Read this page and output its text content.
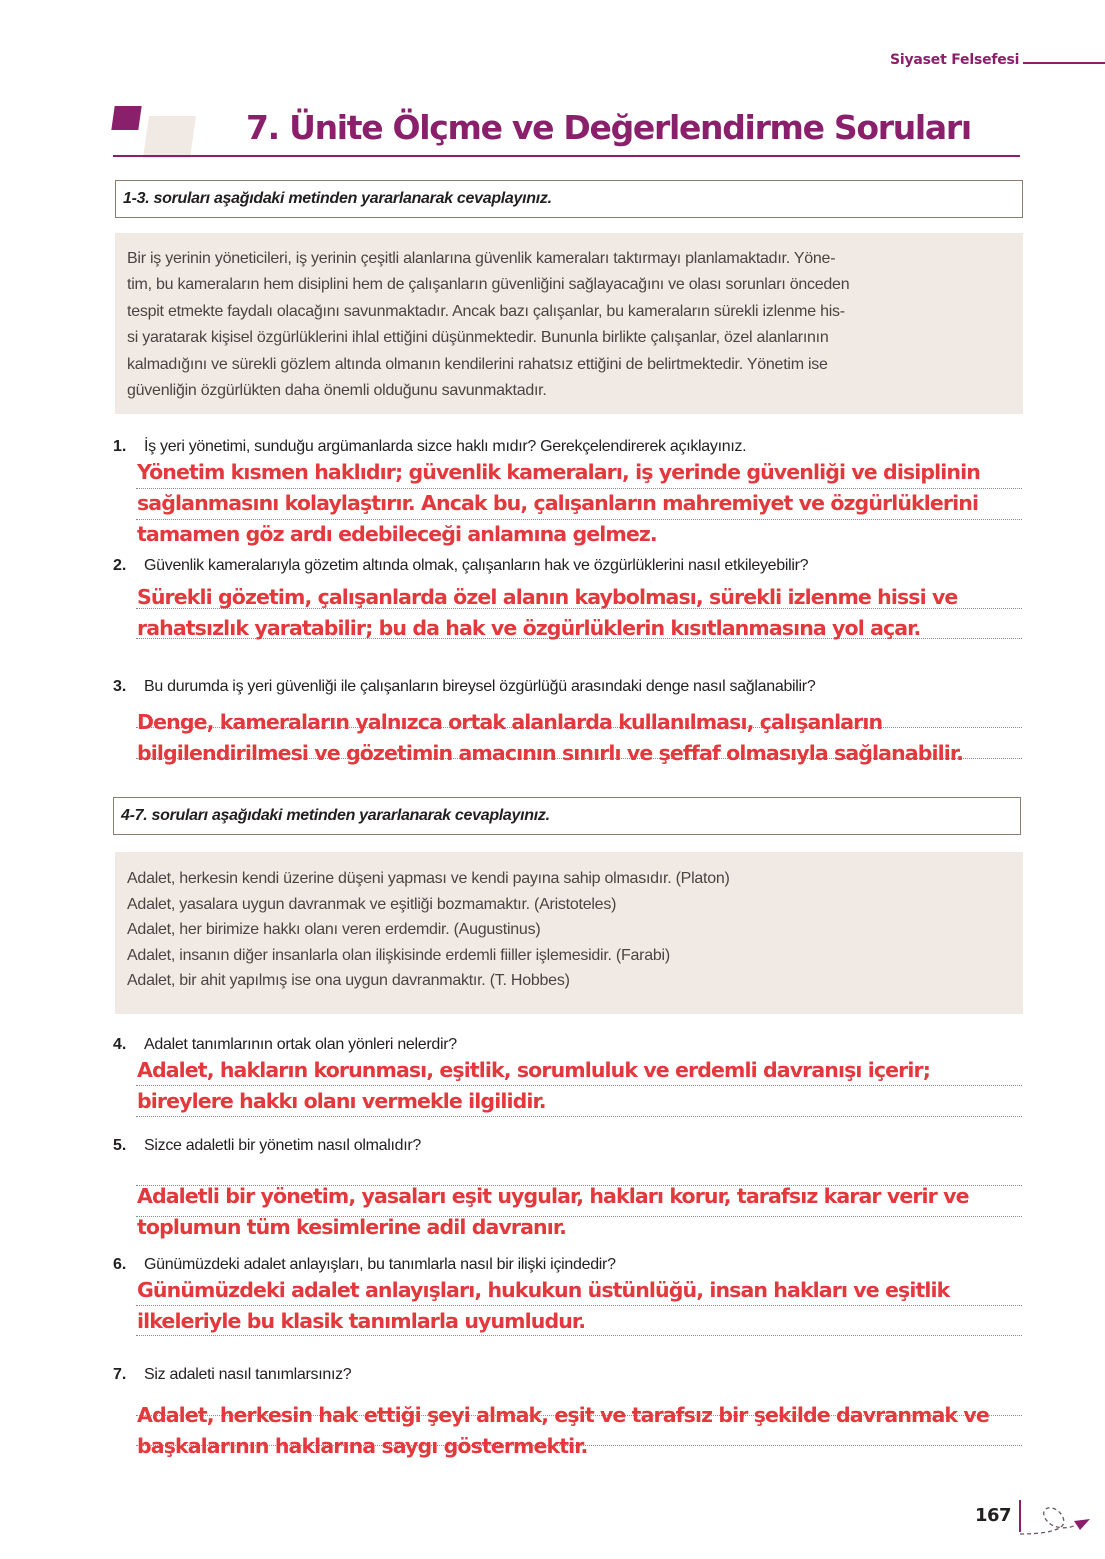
Siyaset Felsefesi
7. Ünite Ölçme ve Değerlendirme Soruları
1-3. soruları aşağıdaki metinden yararlanarak cevaplayınız.
Bir iş yerinin yöneticileri, iş yerinin çeşitli alanlarına güvenlik kameraları taktırmayı planlamaktadır. Yöne-
tim, bu kameraların hem disiplini hem de çalışanların güvenliğini sağlayacağını ve olası sorunları önceden
tespit etmekte faydalı olacağını savunmaktadır. Ancak bazı çalışanlar, bu kameraların sürekli izlenme his-
si yaratarak kişisel özgürlüklerini ihlal ettiğini düşünmektedir. Bununla birlikte çalışanlar, özel alanlarının
kalmadığını ve sürekli gözlem altında olmanın kendilerini rahatsız ettiğini de belirtmektedir. Yönetim ise
güvenliğin özgürlükten daha önemli olduğunu savunmaktadır.
1.	İş yeri yönetimi, sunduğu argümanlarda sizce haklı mıdır? Gerekçelendirerek açıklayınız.
Yönetim kısmen haklıdır; güvenlik kameraları, iş yerinde güvenliği ve disiplinin
sağlanmasını kolaylaştırır. Ancak bu, çalışanların mahremiyet ve özgürlüklerini
tamamen göz ardı edebileceği anlamına gelmez.
2.	Güvenlik kameralarıyla gözetim altında olmak, çalışanların hak ve özgürlüklerini nasıl etkileyebilir?
Sürekli gözetim, çalışanlarda özel alanın kaybolması, sürekli izlenme hissi ve
rahatsızlık yaratabilir; bu da hak ve özgürlüklerin kısıtlanmasına yol açar.
3.	Bu durumda iş yeri güvenliği ile çalışanların bireysel özgürlüğü arasındaki denge nasıl sağlanabilir?
Denge, kameraların yalnızca ortak alanlarda kullanılması, çalışanların
bilgilendirilmesi ve gözetimin amacının sınırlı ve şeffaf olmasıyla sağlanabilir.
4-7. soruları aşağıdaki metinden yararlanarak cevaplayınız.
Adalet, herkesin kendi üzerine düşeni yapması ve kendi payına sahip olmasıdır. (Platon)
Adalet, yasalara uygun davranmak ve eşitliği bozmamaktır. (Aristoteles)
Adalet, her birimize hakkı olanı veren erdemdir. (Augustinus)
Adalet, insanın diğer insanlarla olan ilişkisinde erdemli fiiller işlemesidir. (Farabi)
Adalet, bir ahit yapılmış ise ona uygun davranmaktır. (T. Hobbes)
4.	Adalet tanımlarının ortak olan yönleri nelerdir?
Adalet, hakların korunması, eşitlik, sorumluluk ve erdemli davranışı içerir;
bireylere hakkı olanı vermekle ilgilidir.
5.	Sizce adaletli bir yönetim nasıl olmalıdır?
Adaletli bir yönetim, yasaları eşit uygular, hakları korur, tarafsız karar verir ve
toplumun tüm kesimlerine adil davranır.
6.	Günümüzdeki adalet anlayışları, bu tanımlarla nasıl bir ilişki içindedir?
Günümüzdeki adalet anlayışları, hukukun üstünlüğü, insan hakları ve eşitlik
ilkeleriyle bu klasik tanımlarla uyumludur.
7.	Siz adaleti nasıl tanımlarsınız?
Adalet, herkesin hak ettiği şeyi almak, eşit ve tarafsız bir şekilde davranmak ve
başkalarının haklarına saygı göstermektir.
167
